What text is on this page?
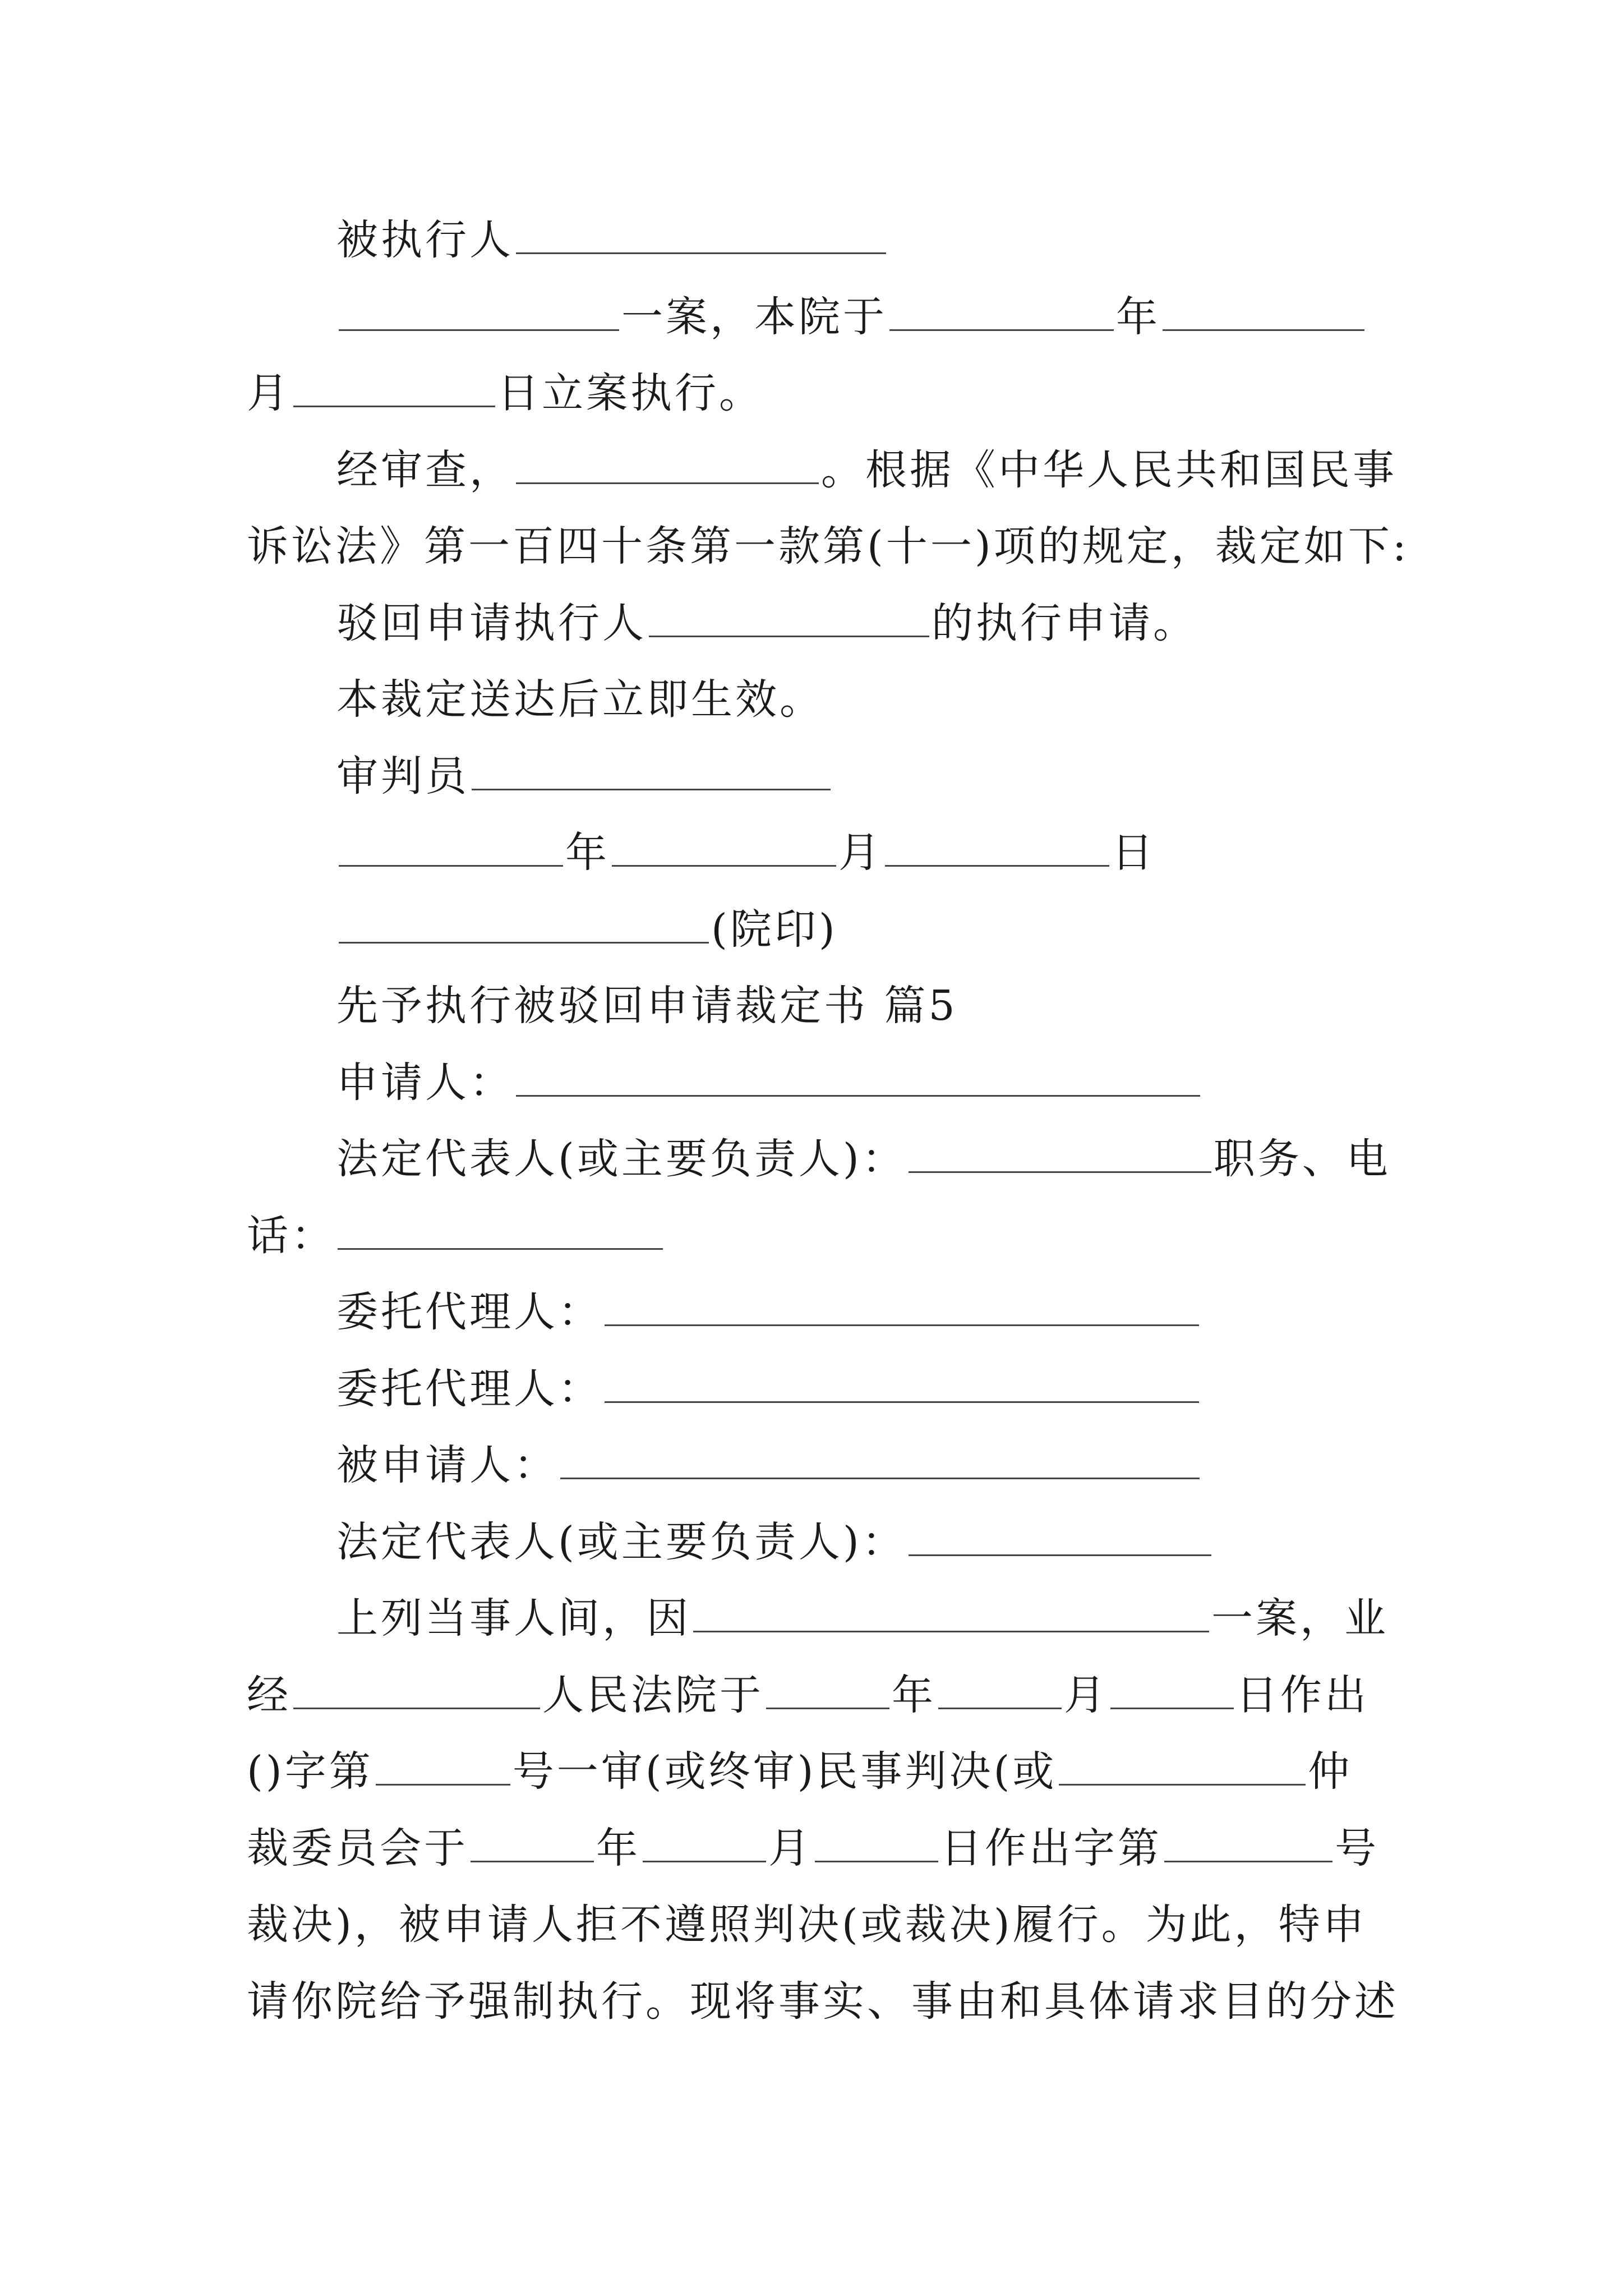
被执行人
一案，本院于	年
月	日立案执行。
经审查，	。根据《中华人民共和国民事
诉讼法》第一百四十条第一款第(十一)项的规定，裁定如下:
驳回申请执行人	的执行申请。
本裁定送达后立即生效。
审判员
年	月	日
(院印)
先予执行被驳回申请裁定书 篇5
申请人：
法定代表人(或主要负责人)：	职务、电
话：
委托代理人：
委托代理人：
被申请人：
法定代表人(或主要负责人)：
上列当事人间，因	一案，业
经	人民法院于	年	月	日作出
()字第	号一审(或终审)民事判决(或	仲
裁委员会于	年	月	日作出字第	号
裁决)，被申请人拒不遵照判决(或裁决)履行。为此，特申
请你院给予强制执行。现将事实、事由和具体请求目的分述
